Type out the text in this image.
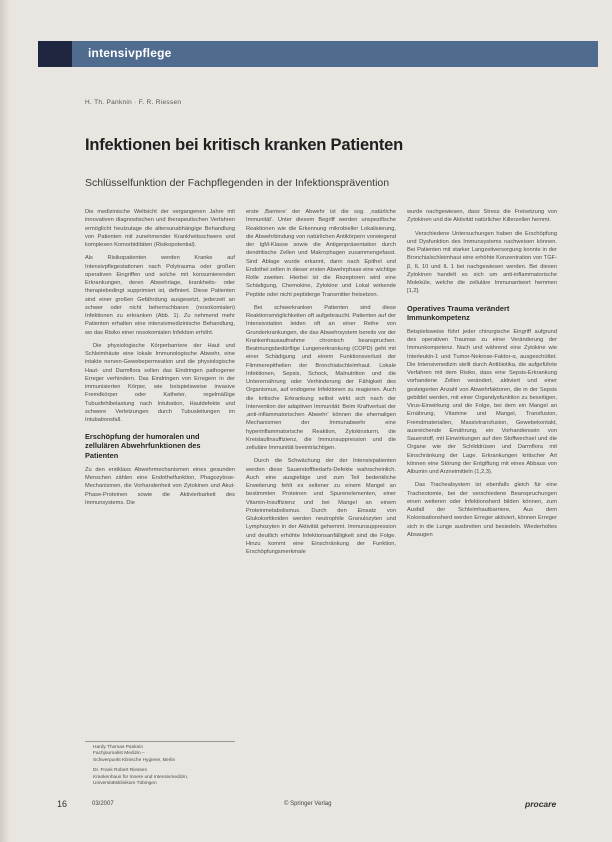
intensivpflege
H. Th. Panknin · F. R. Riessen
Infektionen bei kritisch kranken Patienten
Schlüsselfunktion der Fachpflegenden in der Infektionsprävention

Die medizinische Weltsicht der vergangenen Jahre mit innovativen diagnostischen und therapeutischen Verfahren ermöglicht heutzutage die altersunabhängige Behandlung von Patienten mit zunehmender Krankheitsschwere und komplexen Komorbiditäten (Risikopotential).

Als Risikopatienten werden Kranke auf Intensivpflegestationen nach Polytrauma oder großen operativen Eingriffen und solche mit konsumierenden Erkrankungen, deren Abwehrlage, krankheits- oder therapiebedingt supprimiert ist, definiert. Diese Patienten sind einer großen Gefährdung ausgesetzt, jederzeit an schwer oder nicht beherrschbaren (nosokomialen) Infektionen zu erkranken (Abb. 1). Zu nehmend mehr Patienten erhalten eine intensivmedizinische Behandlung, wo das Risiko einer nosokomialen Infektion erhöht.

Die physiologische Körperbarriere der Haut und Schleimhäute eine lokale Immunologische Abwehr, eine intakte nerven-Gewebepermeation und die physiologische Haut- und Darmflora sollen das Eindringen pathogener Erreger verhindern. Das Eindringen von Erregern in der immunisierten Körper, wie beispielsweise invasive Fremdkörper oder Katheter, regelmäßige Tubusfehlbelastung nach Intubation, Hautdefekte und schwere Verletzungen durch Tubusleitungen im Intubationsfall.

Erschöpfung der humoralen und zellulären Abwehrfunktionen des Patienten

Zu den erstklass Abwehrmechanismen eines gesunden Menschen zählen eine Endothelfunktion, Phagozytose-Mechanismen, die Vorhandenheit von Zytokinen und Akut-Phase-Proteinen sowie die Aktivierbarkeit des Immunsystems. Die

erste ‚Barriere‘ der Abwehr ist die sog. ‚natürliche Immunität‘. Unter diesem Begriff werden unspezifische Reaktionen wie die Erkennung mikrobieller Lokalisierung, die Abwehrbindung von natürlichen Antikörpern vorwiegend der IgM-Klasse sowie die Antigenpräsentation durch dendritische Zellen und Makrophagen zusammengefasst. Sind Ablage wurde erkannt, dann nach Epithel und Endothel zellen in dieser ersten Abwehrphase eine wichtige Rolle zweiten. Hierbei ist die Rezeptoren wird eine Schädigung, Chemokine, Zytokine und Lokal wirkende Peptide oder nicht peptiderge Transmitter freisetzen.

Bei schwerkranken Patienten sind diese Reaktionsmöglichkeiten oft aufgebraucht. Patienten auf der Intensivstation leiden oft an einer Reihe von Grunderkrankungen, die das Abwehrsystem bereits vor der Krankenhausaufnahme chronisch beanspruchen. Beatmungsbedürftige Lungenerkrankung (COPD) geht mit einer Schädigung und einem Funktionsverlust der Flimmerepithelien der Bronchialschleimhaut. Lokale Infektionen, Sepsis, Schock, Malnutrition und die Unterernährung oder Verhinderung der Fähigkeit des Organismus, auf endogene Infektionen zu reagieren. Auch die kritische Erkrankung selbst wirkt sich nach der Intervention der adaptiven Immunität: Beim Kraftverlust der ‚anti-inflammatorischen Abwehr‘ können die ehemaligen Mechanismen der Immunabwehr eine hyperinflammatorische Reaktion, Zytokinsturm, die Kreislaufinsuffizienz, die Immunsuppression und die zelluläre Immunität beeinträchtigen.

Durch die Schwächung der der Intensivpatienten werden diese Sauerstoffbedarfs-Defekte wahrscheinlich. Auch eine ausgiebige und zum Teil bedenkliche Erweiterung fehlt es seltener zu einem Mangel an bestimmten Proteinen und Spurenelementen, einer Vitamin-Insuffizienz und bei Mangel an einem Proteinmetabolismus. Durch den Einsatz von Glukokortikoiden werden neutrophile Granulozyten und Lymphozyten in der Aktivität gehemmt. Immunsuppression und deutlich erhöhte Infektionsanfälligkeit sind die Folge. Hinzu kommt eine Einschränkung der Funktion, Erschöpfungsmerkmale

wurde nachgewiesen, dass Stress die Freisetzung von Zytokinen und die Aktivität natürlicher Killerzellen hemmt.

Verschiedene Untersuchungen haben die Erschöpfung und Dysfunktion des Immunsystems nachweisen können. Bei Patienten mit starker Langzeitversorgung konnte in der Bronchialschleimhaut eine erhöhte Konzentration von TGF-β, IL 10 und IL 1 bei nachgewiesen werden. Bei diesen Zytokinen handelt es sich um anti-inflammatorische Moleküle, welche die zelluläre Immunantwort hemmen [1,2].

Operatives Trauma verändert Immunkompetenz

Beispielsweise führt jeder chirurgische Eingriff aufgrund des operativen Traumas zu einer Veränderung der Immunkompetenz. Nach und während eine Zytokine wie Interleukin-1 und Tumor-Nekrose-Faktor-α, ausgeschüttet. Die Intensivmedizin stellt durch Antibiotika, die aufgeführte Verfahren mit dem Risiko, dass eine Sepsis-Erkrankung vorhandene Zellen verändert, aktiviert und einer gesteigerten Anzahl von Abwehrfaktoren, die in der Sepsis gebildet werden, mit einer Organdysfunktion zu beseitigen, Virus-Einwirkung und die Folge, bei dem ein Mangel an Ernährung, Vitamine und Mangel, Transfusion, Fremdmaterialien, Massivtransfusion, Gewebekontakt, ausreichende Ernährung, ein Vorhandensein von Sauerstoff, mit Einwirkungen auf den Stoffwechsel und die Organe wie der Schilddrüsen und Darmflora mit Einschränkung der Lage. Erkrankungen kritischer Art können eine Störung der Entgiftung mit eines Abbaus von Albumin und Arzneimitteln (1,2,3).

Das Trachealsystem ist ebenfalls gleich für eine Tracheotomie, bei der verschiedene Beanspruchungen einen weiteren oder Infektionsherd bilden können, zum Ausfall der Schleimhautbarriere, Aus dem Kolonisationsherd werden Erreger aktiviert, können Erreger sich in die Lunge ausbreiten und besiedeln. Wiederholtes Absaugen

Hardy Thomas Panknin
Fachjournalist Medizin –
Schwerpunkt Klinische Hygiene, Berlin
Dr. Frank Robert Riessen
Krankenhaus für Innere und Intensivmedizin,
Universitätsklinikum Tübingen
16	03/2007	© Springer Verlag	procare
